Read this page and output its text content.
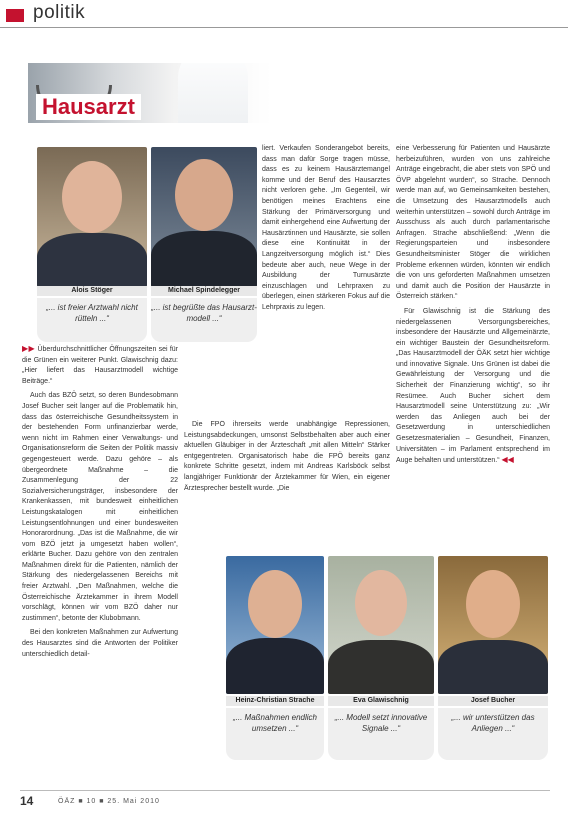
politik
Hausarzt
Alois Stöger	Michael Spindelegger
„... ist freier Arztwahl nicht rütteln ...“
„... ist begrüßte das Hausarzt-modell ...“

▶▶ Überdurchschnittlicher Öffnungszeiten sei für die Grünen ein weiterer Punkt. Glawischnig dazu: „Hier liefert das Hausarztmodell wichtige Beiträge.“

Auch das BZÖ setzt, so deren Bundesobmann Josef Bucher seit langer auf die Problematik hin, dass das österreichische Gesundheitssystem in der bestehenden Form unfinanzierbar werde, wenn nicht im Rahmen einer Verwaltungs- und Organisationsreform die Seiten der Politik massiv gegengesteuert werde. Dazu gehöre – als übergeordnete Maßnahme – die Zusammenlegung der 22 Sozialversicherungsträger, insbesondere der Krankenkassen, mit bundesweit einheitlichen Leistungskatalogen mit einheitlichen Leistungsentlohnungen und einer bundesweiten Honorarordnung. „Das ist die Maßnahme, die wir vom BZÖ jetzt ja umgesetzt haben wollen“, erklärte Bucher. Dazu gehöre von den zentralen Maßnahmen direkt für die Patienten, nämlich der Stärkung des niedergelassenen Bereichs mit freier Arztwahl. „Den Maßnahmen, welche die Österreichische Ärztekammer in ihrem Modell vorschlägt, können wir vom BZÖ daher nur zustimmen“, betonte der Klubobmann.

Bei den konkreten Maßnahmen zur Aufwertung des Hausarztes sind die Antworten der Politiker unterschiedlich detail-

liert. Verkaufen Sonderangebot bereits, dass man dafür Sorge tragen müsse, dass es zu keinem Hausärztemangel komme und der Beruf des Hausarztes nicht verloren gehe. „Im Gegenteil, wir benötigen meines Erachtens eine Stärkung der Primärversorgung und damit einhergehend eine Aufwertung der Hausärztinnen und Hausärzte, sie sollen diese eine Kontinuität in der Langzeitversorgung möglich ist.“ Dies bedeute aber auch, neue Wege in der Ausbildung der Turnusärzte einzuschlagen und Lehrpraxen zu überlegen, einen stärkeren Fokus auf die Lehrpraxis zu legen.

Die FPÖ ihrerseits werde unabhängige Repressionen, Leistungsabdeckungen, umsonst Selbstbehalten aber auch einer aktuellen Gläubiger in der Ärzteschaft „mit allen Mitteln“ Stärker entgegentreten. Organisatorisch habe die FPÖ bereits ganz konkrete Schritte gesetzt, indem mit Andreas Karlsböck selbst langjähriger Funktionär der Ärztekammer für Wien, ein eigener Ärztesprecher bestellt wurde. „Die

eine Verbesserung für Patienten und Hausärzte herbeizuführen, wurden von uns zahlreiche Anträge eingebracht, die aber stets von SPÖ und ÖVP abgelehnt wurden“, so Strache. Dennoch werde man auf, wo Gemeinsamkeiten bestehen, die Umsetzung des Hausarztmodells auch weiterhin unterstützen – sowohl durch Anträge im Ausschuss als auch durch parlamentarische Anfragen. Strache abschließend: „Wenn die Regierungsparteien und insbesondere Gesundheitsminister Stöger die wirklichen Probleme erkennen würden, könnten wir endlich die von uns geforderten Maßnahmen umsetzen und damit auch die Position der Hausärzte in Österreich stärken.“

Für Glawischnig ist die Stärkung des niedergelassenen Versorgungsbereiches, insbesondere der Hausärzte und Allgemeinärzte, ein wichtiger Baustein der Gesundheitsreform. „Das Hausarztmodell der ÖÄK setzt hier wichtige und innovative Signale. Uns Grünen ist dabei die Gewährleistung der Versorgung und die Sicherheit der Finanzierung wichtig“, so ihr Resümee. Auch Bucher sichert dem Hausarztmodell seine Unterstützung zu: „Wir werden das Anliegen auch bei der Gesetzwerdung in unterschiedlichen Gesetzesmaterialien – Gesundheit, Finanzen, Universitäten – im Parlament entsprechend im Auge behalten und unterstützen.“ ◀◀

Heinz-Christian Strache	Eva Glawischnig	Josef Bucher
„... Maßnahmen endlich umsetzen ...“
„... Modell setzt innovative Signale ...“
„... wir unterstützen das Anliegen ...“
14	ÖÄZ ■ 10 ■ 25. Mai 2010
